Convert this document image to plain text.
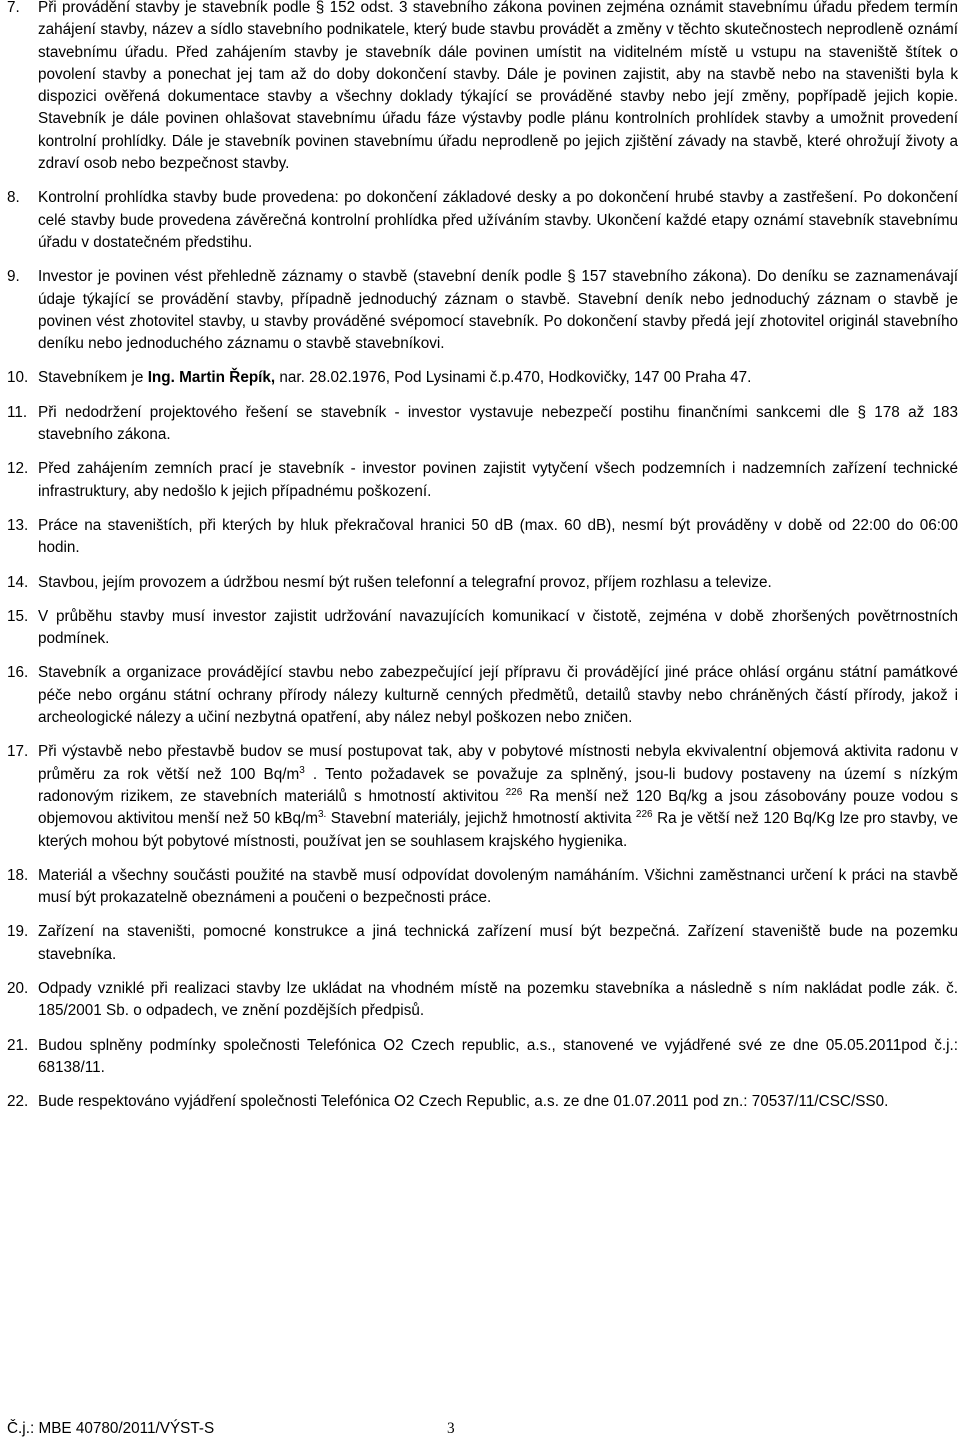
7. Při provádění stavby je stavebník podle § 152 odst. 3 stavebního zákona povinen zejména oznámit stavebnímu úřadu předem termín zahájení stavby, název a sídlo stavebního podnikatele, který bude stavbu provádět a změny v těchto skutečnostech neprodleně oznámí stavebnímu úřadu. Před zahájením stavby je stavebník dále povinen umístit na viditelném místě u vstupu na staveniště štítek o povolení stavby a ponechat jej tam až do doby dokončení stavby. Dále je povinen zajistit, aby na stavbě nebo na staveništi byla k dispozici ověřená dokumentace stavby a všechny doklady týkající se prováděné stavby nebo její změny, popřípadě jejich kopie. Stavebník je dále povinen ohlašovat stavebnímu úřadu fáze výstavby podle plánu kontrolních prohlídek stavby a umožnit provedení kontrolní prohlídky. Dále je stavebník povinen stavebnímu úřadu neprodleně po jejich zjištění závady na stavbě, které ohrožují životy a zdraví osob nebo bezpečnost stavby.
8. Kontrolní prohlídka stavby bude provedena: po dokončení základové desky a po dokončení hrubé stavby a zastřešení. Po dokončení celé stavby bude provedena závěrečná kontrolní prohlídka před užíváním stavby. Ukončení každé etapy oznámí stavebník stavebnímu úřadu v dostatečném předstihu.
9. Investor je povinen vést přehledně záznamy o stavbě (stavební deník podle § 157 stavebního zákona). Do deníku se zaznamenávají údaje týkající se provádění stavby, případně jednoduchý záznam o stavbě. Stavební deník nebo jednoduchý záznam o stavbě je povinen vést zhotovitel stavby, u stavby prováděné svépomocí stavebník. Po dokončení stavby předá její zhotovitel originál stavebního deníku nebo jednoduchého záznamu o stavbě stavebníkovi.
10. Stavebníkem je Ing. Martin Řepík, nar. 28.02.1976, Pod Lysinami č.p.470, Hodkovičky, 147 00 Praha 47.
11. Při nedodržení projektového řešení se stavebník - investor vystavuje nebezpečí postihu finančními sankcemi dle § 178 až 183 stavebního zákona.
12. Před zahájením zemních prací je stavebník - investor povinen zajistit vytyčení všech podzemních i nadzemních zařízení technické infrastruktury, aby nedošlo k jejich případnému poškození.
13. Práce na staveništích, při kterých by hluk překračoval hranici 50 dB (max. 60 dB), nesmí být prováděny v době od 22:00 do 06:00 hodin.
14. Stavbou, jejím provozem a údržbou nesmí být rušen telefonní a telegrafní provoz, příjem rozhlasu a televize.
15. V průběhu stavby musí investor zajistit udržování navazujících komunikací v čistotě, zejména v době zhoršených povětrnostních podmínek.
16. Stavebník a organizace provádějící stavbu nebo zabezpečující její přípravu či provádějící jiné práce ohlásí orgánu státní památkové péče nebo orgánu státní ochrany přírody nálezy kulturně cenných předmětů, detailů stavby nebo chráněných částí přírody, jakož i archeologické nálezy a učiní nezbytná opatření, aby nález nebyl poškozen nebo zničen.
17. Při výstavbě nebo přestavbě budov se musí postupovat tak, aby v pobytové místnosti nebyla ekvivalentní objemová aktivita radonu v průměru za rok větší než 100 $Bq/m^3$ . Tento požadavek se považuje za splněný, jsou-li budovy postaveny na území s nízkým radonovým rizikem, ze stavebních materiálů s hmotností aktivitou $^{226}$ Ra menší než 120 Bq/kg a jsou zásobovány pouze vodou s objemovou aktivitou menší než 50 kBq/$m^{3.}$ Stavební materiály, jejichž hmotností aktivita $^{226}$ Ra je větší než 120 Bq/Kg lze pro stavby, ve kterých mohou být pobytové místnosti, používat jen se souhlasem krajského hygienika.
18. Materiál a všechny součásti použité na stavbě musí odpovídat dovoleným namáháním. Všichni zaměstnanci určení k práci na stavbě musí být prokazatelně obeznámeni a poučeni o bezpečnosti práce.
19. Zařízení na staveništi, pomocné konstrukce a jiná technická zařízení musí být bezpečná. Zařízení staveniště bude na pozemku stavebníka.
20. Odpady vzniklé při realizaci stavby lze ukládat na vhodném místě na pozemku stavebníka a následně s ním nakládat podle zák. č. 185/2001 Sb. o odpadech, ve znění pozdějších předpisů.
21. Budou splněny podmínky společnosti Telefónica O2 Czech republic, a.s., stanovené ve vyjádřené své ze dne 05.05.2011pod č.j.: 68138/11.
22. Bude respektováno vyjádření společnosti Telefónica O2 Czech Republic, a.s. ze dne 01.07.2011 pod zn.: 70537/11/CSC/SS0.
Č.j.: MBE 40780/2011/VÝST-S	3
